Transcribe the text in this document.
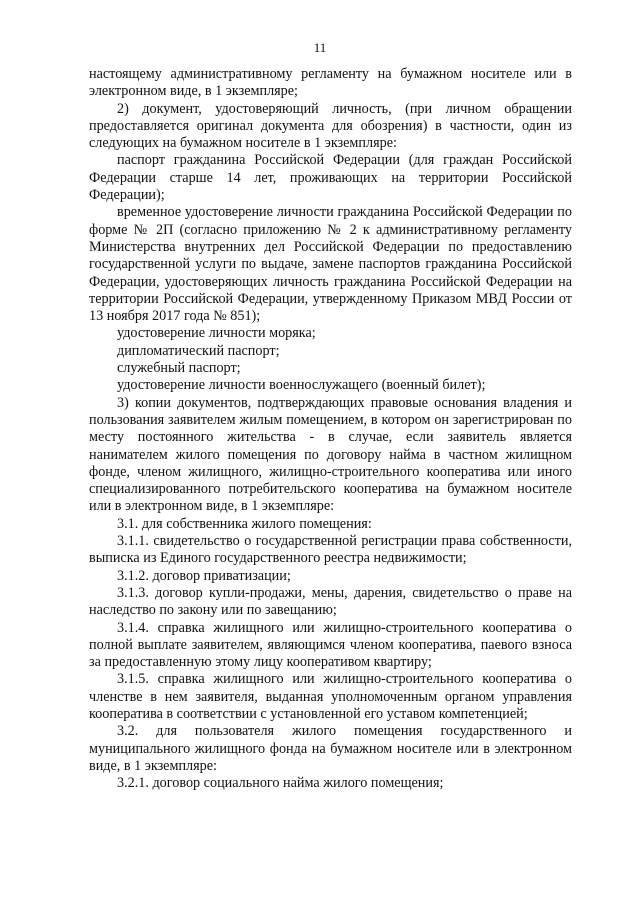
11

настоящему административному регламенту на бумажном носителе или в электронном виде, в 1 экземпляре;

2) документ, удостоверяющий личность, (при личном обращении предоставляется оригинал документа для обозрения) в частности, один из следующих на бумажном носителе в 1 экземпляре:

паспорт гражданина Российской Федерации (для граждан Российской Федерации старше 14 лет, проживающих на территории Российской Федерации);

временное удостоверение личности гражданина Российской Федерации по форме № 2П (согласно приложению № 2 к административному регламенту Министерства внутренних дел Российской Федерации по предоставлению государственной услуги по выдаче, замене паспортов гражданина Российской Федерации, удостоверяющих личность гражданина Российской Федерации на территории Российской Федерации, утвержденному Приказом МВД России от 13 ноября 2017 года № 851);

удостоверение личности моряка;

дипломатический паспорт;

служебный паспорт;

удостоверение личности военнослужащего (военный билет);

3) копии документов, подтверждающих правовые основания владения и пользования заявителем жилым помещением, в котором он зарегистрирован по месту постоянного жительства - в случае, если заявитель является нанимателем жилого помещения по договору найма в частном жилищном фонде, членом жилищного, жилищно-строительного кооператива или иного специализированного потребительского кооператива на бумажном носителе или в электронном виде, в 1 экземпляре:

3.1. для собственника жилого помещения:

3.1.1. свидетельство о государственной регистрации права собственности, выписка из Единого государственного реестра недвижимости;

3.1.2. договор приватизации;

3.1.3. договор купли-продажи, мены, дарения, свидетельство о праве на наследство по закону или по завещанию;

3.1.4. справка жилищного или жилищно-строительного кооператива о полной выплате заявителем, являющимся членом кооператива, паевого взноса за предоставленную этому лицу кооперативом квартиру;

3.1.5. справка жилищного или жилищно-строительного кооператива о членстве в нем заявителя, выданная уполномоченным органом управления кооператива в соответствии с установленной его уставом компетенцией;

3.2. для пользователя жилого помещения государственного и муниципального жилищного фонда на бумажном носителе или в электронном виде, в 1 экземпляре:

3.2.1. договор социального найма жилого помещения;
